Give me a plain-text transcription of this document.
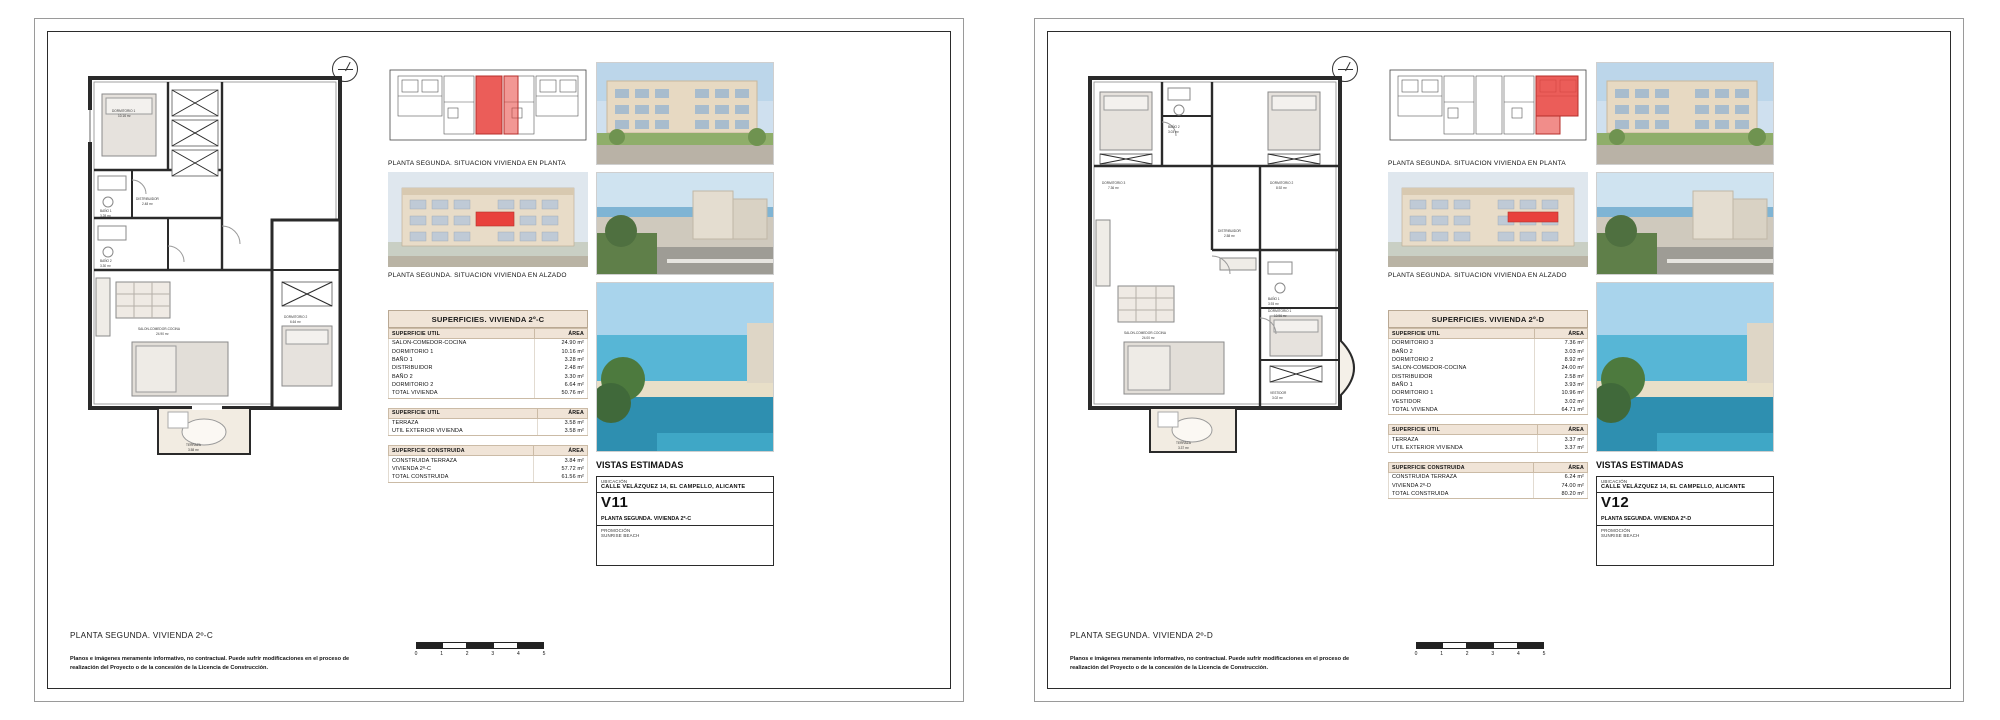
DORMITORIO 1
10.16 m²
BAÑO 1
3.28 m²
DISTRIBUIDOR
2.48 m²
BAÑO 2
3.30 m²
DORMITORIO 2
6.64 m²
SALON-COMEDOR-COCINA
24.90 m²
TERRAZA
3.58 m²
PLANTA SEGUNDA. VIVIENDA 2º-C
Planos e imágenes meramente informativo, no contractual. Puede sufrir modificaciones en el proceso de realización del Proyecto o de la concesión de la Licencia de Construcción.
PLANTA SEGUNDA. SITUACION VIVIENDA EN PLANTA
PLANTA SEGUNDA. SITUACION VIVIENDA EN ALZADO
VISTAS ESTIMADAS
SUPERFICIES. VIVIENDA 2º-C
SUPERFICIE UTIL	ÁREA
SALON-COMEDOR-COCINA	24.90 m²
DORMITORIO 1	10.16 m²
BAÑO 1	3.28 m²
DISTRIBUIDOR	2.48 m²
BAÑO 2	3.30 m²
DORMITORIO 2	6.64 m²
TOTAL VIVIENDA	50.76 m²
SUPERFICIE UTIL	ÁREA
TERRAZA	3.58 m²
UTIL EXTERIOR VIVIENDA	3.58 m²
SUPERFICIE CONSTRUIDA	ÁREA
CONSTRUIDA TERRAZA	3.84 m²
VIVIENDA 2º-C	57.72 m²
TOTAL CONSTRUIDA	61.56 m²
UBICACIÓN
CALLE VELÁZQUEZ 14, EL CAMPELLO, ALICANTE
V11
PLANTA SEGUNDA. VIVIENDA 2º-C
PROMOCIÓN
SUNRISE BEACH
0	1	2	3	4	5
DORMITORIO 3
7.36 m²
BAÑO 2
3.03 m²
DORMITORIO 2
8.92 m²
DISTRIBUIDOR
2.58 m²
BAÑO 1
3.93 m²
DORMITORIO 1
10.96 m²
VESTIDOR
3.02 m²
SALON-COMEDOR-COCINA
24.00 m²
TERRAZA
3.37 m²
PLANTA SEGUNDA. VIVIENDA 2º-D
Planos e imágenes meramente informativo, no contractual. Puede sufrir modificaciones en el proceso de realización del Proyecto o de la concesión de la Licencia de Construcción.
PLANTA SEGUNDA. SITUACION VIVIENDA EN PLANTA
PLANTA SEGUNDA. SITUACION VIVIENDA EN ALZADO
VISTAS ESTIMADAS
SUPERFICIES. VIVIENDA 2º-D
SUPERFICIE UTIL	ÁREA
DORMITORIO 3	7.36 m²
BAÑO 2	3.03 m²
DORMITORIO 2	8.92 m²
SALON-COMEDOR-COCINA	24.00 m²
DISTRIBUIDOR	2.58 m²
BAÑO 1	3.93 m²
DORMITORIO 1	10.96 m²
VESTIDOR	3.02 m²
TOTAL VIVIENDA	64.71 m²
SUPERFICIE UTIL	ÁREA
TERRAZA	3.37 m²
UTIL EXTERIOR VIVIENDA	3.37 m²
SUPERFICIE CONSTRUIDA	ÁREA
CONSTRUIDA TERRAZA	6.24 m²
VIVIENDA 2º-D	74.00 m²
TOTAL CONSTRUIDA	80.20 m²
UBICACIÓN
CALLE VELÁZQUEZ 14, EL CAMPELLO, ALICANTE
V12
PLANTA SEGUNDA. VIVIENDA 2º-D
PROMOCIÓN
SUNRISE BEACH
0	1	2	3	4	5
